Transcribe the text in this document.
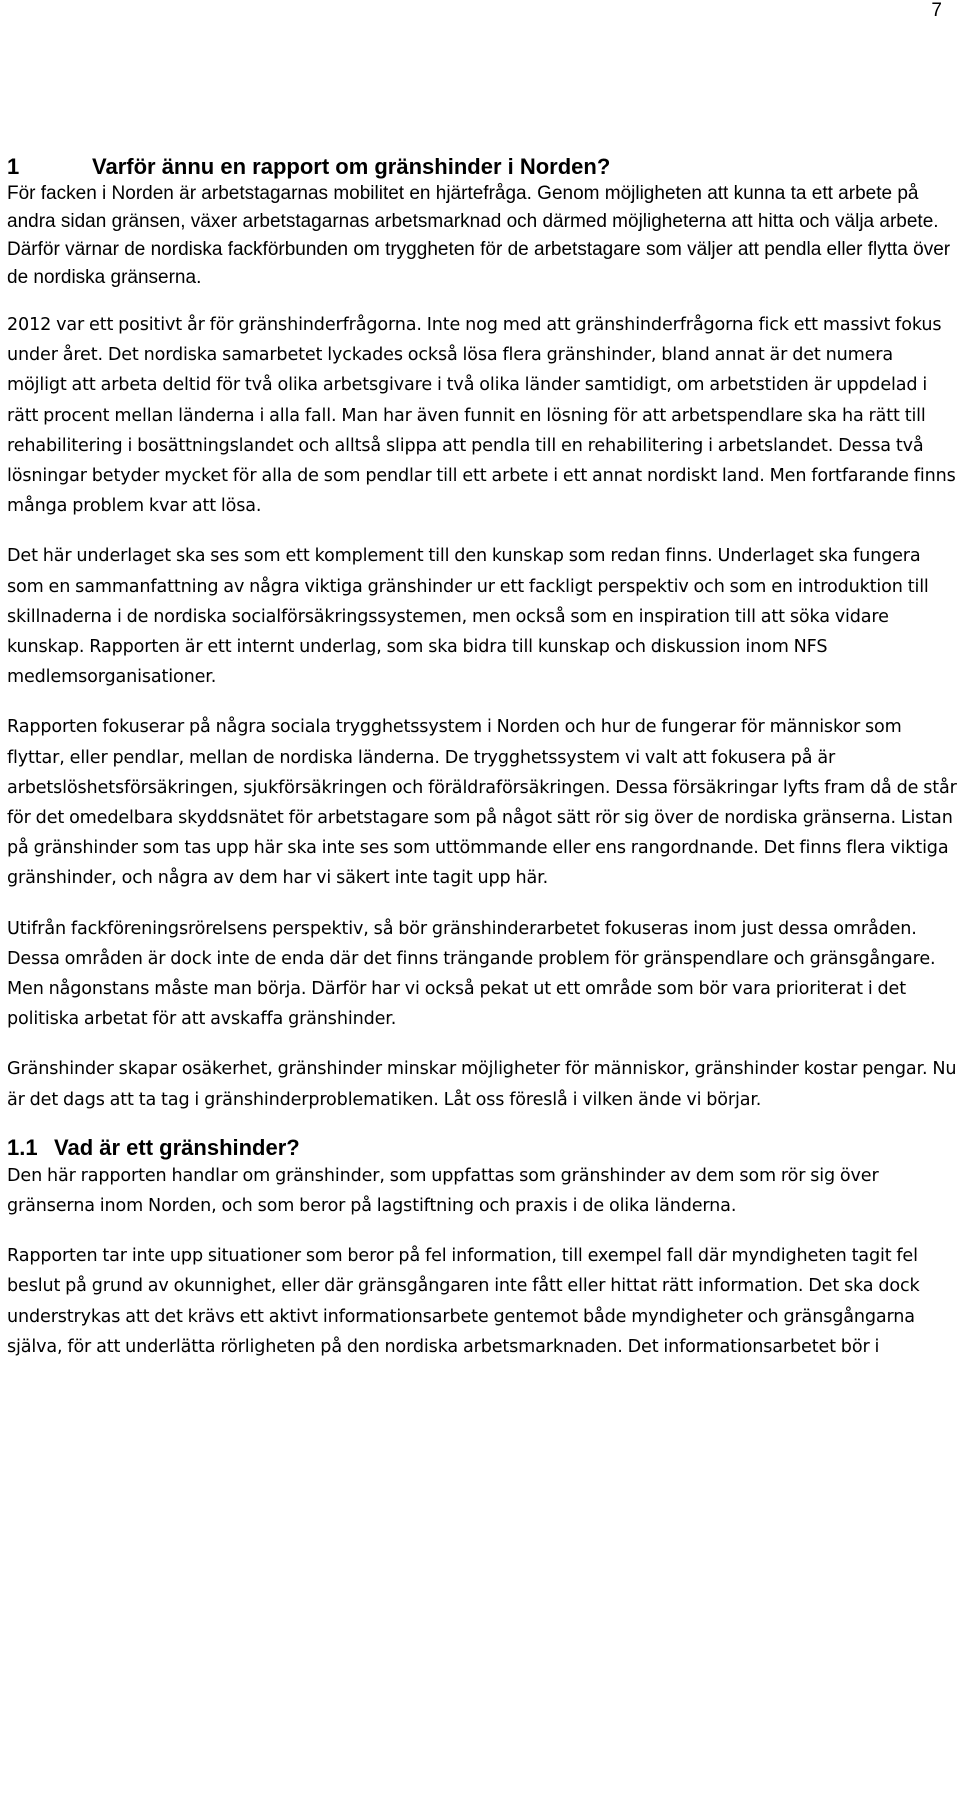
7
1	Varför ännu en rapport om gränshinder i Norden?

För facken i Norden är arbetstagarnas mobilitet en hjärtefråga. Genom möjligheten att kunna ta ett arbete på andra sidan gränsen, växer arbetstagarnas arbetsmarknad och därmed möjligheterna att hitta och välja arbete. Därför värnar de nordiska fackförbunden om tryggheten för de arbetstagare som väljer att pendla eller flytta över de nordiska gränserna.

2012 var ett positivt år för gränshinderfrågorna. Inte nog med att gränshinderfrågorna fick ett massivt fokus under året. Det nordiska samarbetet lyckades också lösa flera gränshinder, bland annat är det numera möjligt att arbeta deltid för två olika arbetsgivare i två olika länder samtidigt, om arbetstiden är uppdelad i rätt procent mellan länderna i alla fall. Man har även funnit en lösning för att arbetspendlare ska ha rätt till rehabilitering i bosättningslandet och alltså slippa att pendla till en rehabilitering i arbetslandet. Dessa två lösningar betyder mycket för alla de som pendlar till ett arbete i ett annat nordiskt land. Men fortfarande finns många problem kvar att lösa.

Det här underlaget ska ses som ett komplement till den kunskap som redan finns. Underlaget ska fungera som en sammanfattning av några viktiga gränshinder ur ett fackligt perspektiv och som en introduktion till skillnaderna i de nordiska socialförsäkringssystemen, men också som en inspiration till att söka vidare kunskap. Rapporten är ett internt underlag, som ska bidra till kunskap och diskussion inom NFS medlemsorganisationer.

Rapporten fokuserar på några sociala trygghetssystem i Norden och hur de fungerar för människor som flyttar, eller pendlar, mellan de nordiska länderna. De trygghetssystem vi valt att fokusera på är arbetslöshetsförsäkringen, sjukförsäkringen och föräldraförsäkringen. Dessa försäkringar lyfts fram då de står för det omedelbara skyddsnätet för arbetstagare som på något sätt rör sig över de nordiska gränserna. Listan på gränshinder som tas upp här ska inte ses som uttömmande eller ens rangordnande. Det finns flera viktiga gränshinder, och några av dem har vi säkert inte tagit upp här.

Utifrån fackföreningsrörelsens perspektiv, så bör gränshinderarbetet fokuseras inom just dessa områden. Dessa områden är dock inte de enda där det finns trängande problem för gränspendlare och gränsgångare. Men någonstans måste man börja. Därför har vi också pekat ut ett område som bör vara prioriterat i det politiska arbetat för att avskaffa gränshinder.

Gränshinder skapar osäkerhet, gränshinder minskar möjligheter för människor, gränshinder kostar pengar. Nu är det dags att ta tag i gränshinderproblematiken. Låt oss föreslå i vilken ände vi börjar.

1.1 Vad är ett gränshinder?

Den här rapporten handlar om gränshinder, som uppfattas som gränshinder av dem som rör sig över gränserna inom Norden, och som beror på lagstiftning och praxis i de olika länderna.

Rapporten tar inte upp situationer som beror på fel information, till exempel fall där myndigheten tagit fel beslut på grund av okunnighet, eller där gränsgångaren inte fått eller hittat rätt information. Det ska dock understrykas att det krävs ett aktivt informationsarbete gentemot både myndigheter och gränsgångarna själva, för att underlätta rörligheten på den nordiska arbetsmarknaden. Det informationsarbetet bör i
